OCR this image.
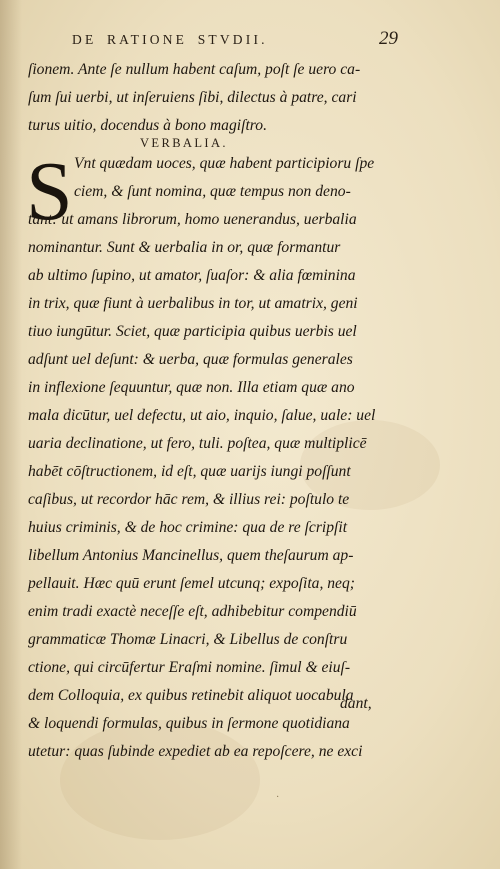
DE RATIONE STVDII.	29
ſionem. Ante ſe nullum habent caſum, poſt ſe uero ca-
ſum ſui uerbi, ut inſeruiens ſibi, dilectus à patre, cari
turus uitio, docendus à bono magiſtro.
VERBALIA.
S Vnt quædam uoces, quæ habent participioru ſpe
ciem, & ſunt nomina, quæ tempus non deno-
tant: ut amans librorum, homo uenerandus, uerbalia
nominantur. Sunt & uerbalia in or, quæ formantur
ab ultimo ſupino, ut amator, ſuaſor: & alia fœminina
in trix, quæ fiunt à uerbalibus in tor, ut amatrix, geni
tiuo iungūtur. Sciet, quæ participia quibus uerbis uel
adſunt uel deſunt: & uerba, quæ formulas generales
in inflexione ſequuntur, quæ non. Illa etiam quæ ano
mala dicūtur, uel defectu, ut aio, inquio, ſalue, uale: uel
uaria declinatione, ut fero, tuli. poſtea, quæ multiplicē
habēt cōſtructionem, id eſt, quæ uarijs iungi poſſunt
caſibus, ut recordor hāc rem, & illius rei: poſtulo te
huius criminis, & de hoc crimine: qua de re ſcripſit
libellum Antonius Mancinellus, quem theſaurum ap-
pellauit. Hæc quū erunt ſemel utcunq; expoſita, neq;
enim tradi exactè neceſſe eſt, adhibebitur compendiū
grammaticæ Thomæ Linacri, & Libellus de conſtru
ctione, qui circūfertur Eraſmi nomine. ſimul & eiuſ-
dem Colloquia, ex quibus retinebit aliquot uocabula
& loquendi formulas, quibus in ſermone quotidiana
utetur: quas ſubinde expediet ab ea repoſcere, ne exci
dant,
·
